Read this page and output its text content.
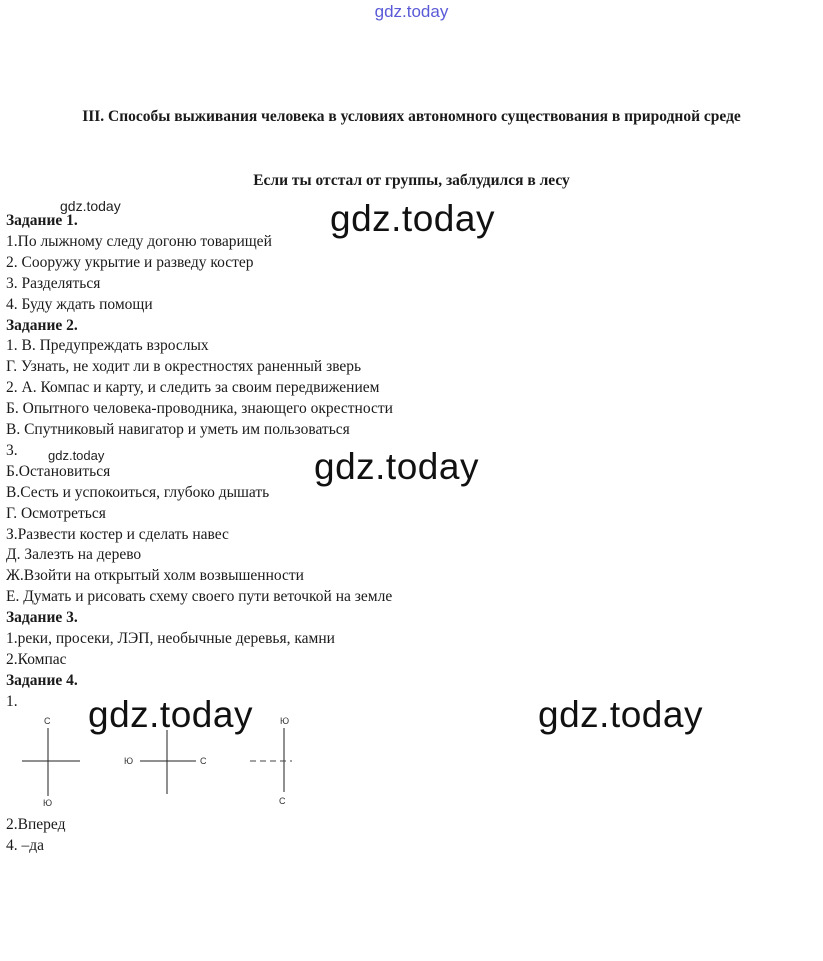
gdz.today
III. Способы выживания человека в условиях автономного существования в природной среде
Если ты отстал от группы, заблудился в лесу
Задание 1.
1.По лыжному следу догоню товарищей
2. Сооружу укрытие и разведу костер
3. Разделяться
4. Буду ждать помощи
Задание 2.
1. В. Предупреждать взрослых
Г. Узнать, не ходит ли в окрестностях раненный зверь
2. А. Компас и карту, и следить за своим передвижением
Б. Опытного человека-проводника, знающего окрестности
В. Спутниковый навигатор и уметь им пользоваться
3.
Б.Остановиться
В.Сесть и успокоиться, глубоко дышать
Г. Осмотреться
З.Развести костер и сделать навес
Д. Залезть на дерево
Ж.Взойти на открытый холм возвышенности
Е. Думать и рисовать схему своего пути веточкой на земле
Задание 3.
1.реки, просеки, ЛЭП, необычные деревья, камни
2.Компас
Задание 4.
1.
С
Ю
Ю	С
Ю
С
2.Вперед
4. –да
gdz.today	gdz.today
gdz.today	gdz.today
gdz.today	gdz.today
